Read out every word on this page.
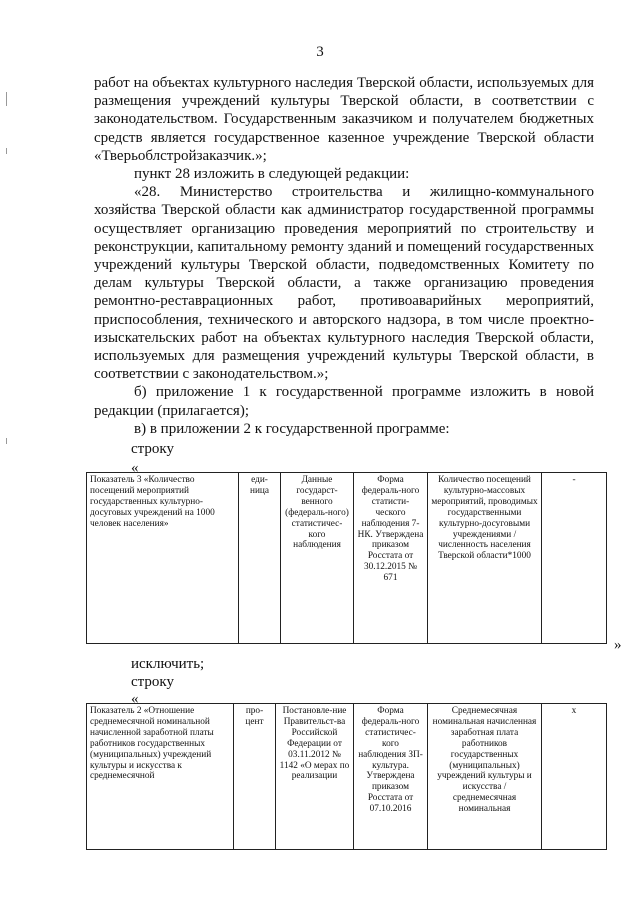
3

работ на объектах культурного наследия Тверской области, используемых для размещения учреждений культуры Тверской области, в соответствии с законодательством. Государственным заказчиком и получателем бюджетных средств является государственное казенное учреждение Тверской области «Тверьоблстройзаказчик.»;

пункт 28 изложить в следующей редакции:

«28. Министерство строительства и жилищно-коммунального хозяйства Тверской области как администратор государственной программы осуществляет организацию проведения мероприятий по строительству и реконструкции, капитальному ремонту зданий и помещений государственных учреждений культуры Тверской области, подведомственных Комитету по делам культуры Тверской области, а также организацию проведения ремонтно-реставрационных работ, противоаварийных мероприятий, приспособления, технического и авторского надзора, в том числе проектно-изыскательских работ на объектах культурного наследия Тверской области, используемых для размещения учреждений культуры Тверской области, в соответствии с законодательством.»;

б) приложение 1 к государственной программе изложить в новой редакции (прилагается);

в) в приложении 2 к государственной программе:

строку
«
Показатель 3 «Количество посещений мероприятий государственных культурно-досуговых учреждений на 1000 человек населения»	еди-ница	Данные государст-венного (федераль-ного) статистичес-кого наблюдения	Форма федераль-ного статисти-ческого наблюдения 7-НК. Утверждена приказом Росстата от 30.12.2015 № 671	Количество посещений культурно-массовых мероприятий, проводимых государственными культурно-досуговыми учреждениями / численность населения Тверской области*1000	-
»
исключить;
строку
«
Показатель 2 «Отношение среднемесячной номинальной начисленной заработной платы работников государственных (муниципальных) учреждений культуры и искусства к среднемесячной	про-цент	Постановле-ние Правительст-ва Российской Федерации от 03.11.2012 № 1142 «О мерах по реализации	Форма федераль-ного статистичес-кого наблюдения ЗП-культура. Утверждена приказом Росстата от 07.10.2016	Среднемесячная номинальная начисленная заработная плата работников государственных (муниципальных) учреждений культуры и искусства / среднемесячная номинальная	х
